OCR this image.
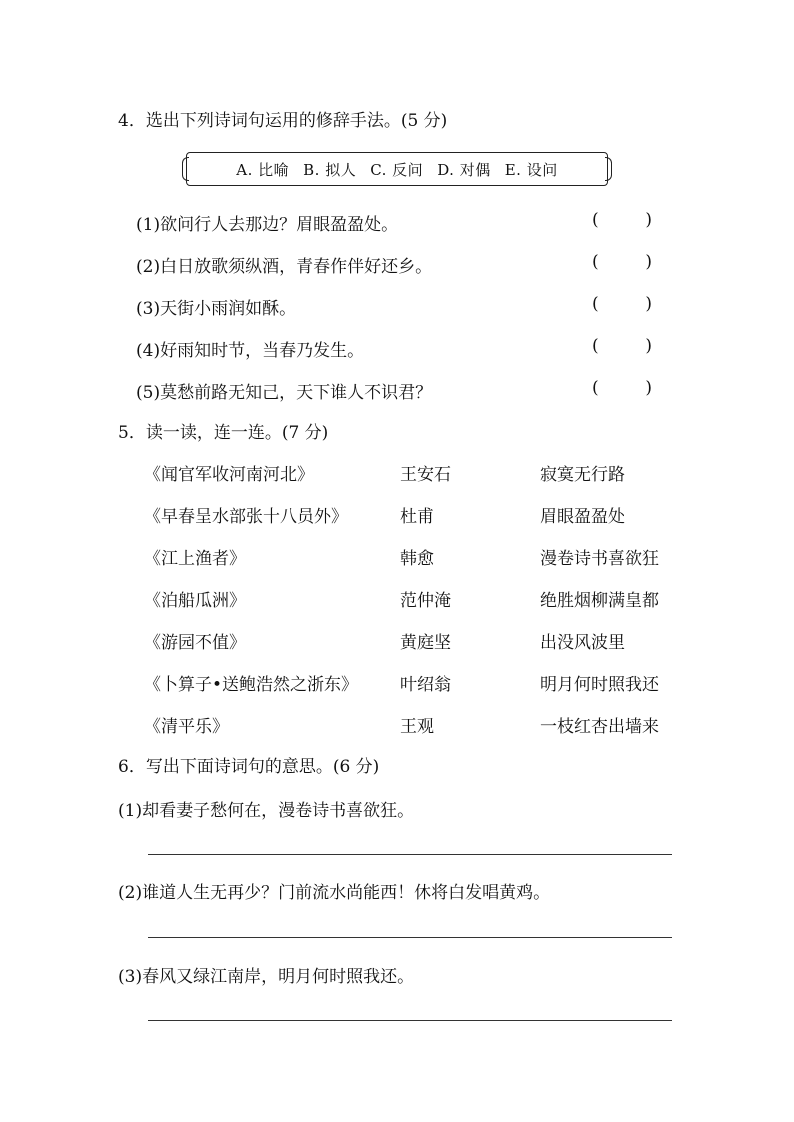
4．选出下列诗词句运用的修辞手法。(5 分)
A. 比喻 B. 拟人 C. 反问 D. 对偶 E. 设问
(1)欲问行人去那边？眉眼盈盈处。	(	)
(2)白日放歌须纵酒，青春作伴好还乡。	(	)
(3)天街小雨润如酥。	(	)
(4)好雨知时节，当春乃发生。	(	)
(5)莫愁前路无知己，天下谁人不识君？	(	)
5．读一读，连一连。(7 分)
《闻官军收河南河北》	王安石	寂寞无行路
《早春呈水部张十八员外》	杜甫	眉眼盈盈处
《江上渔者》	韩愈	漫卷诗书喜欲狂
《泊船瓜洲》	范仲淹	绝胜烟柳满皇都
《游园不值》	黄庭坚	出没风波里
《卜算子•送鲍浩然之浙东》 叶绍翁	明月何时照我还
《清平乐》	王观	一枝红杏出墙来
6．写出下面诗词句的意思。(6 分)
(1)却看妻子愁何在，漫卷诗书喜欲狂。
(2)谁道人生无再少？门前流水尚能西！休将白发唱黄鸡。
(3)春风又绿江南岸，明月何时照我还。
